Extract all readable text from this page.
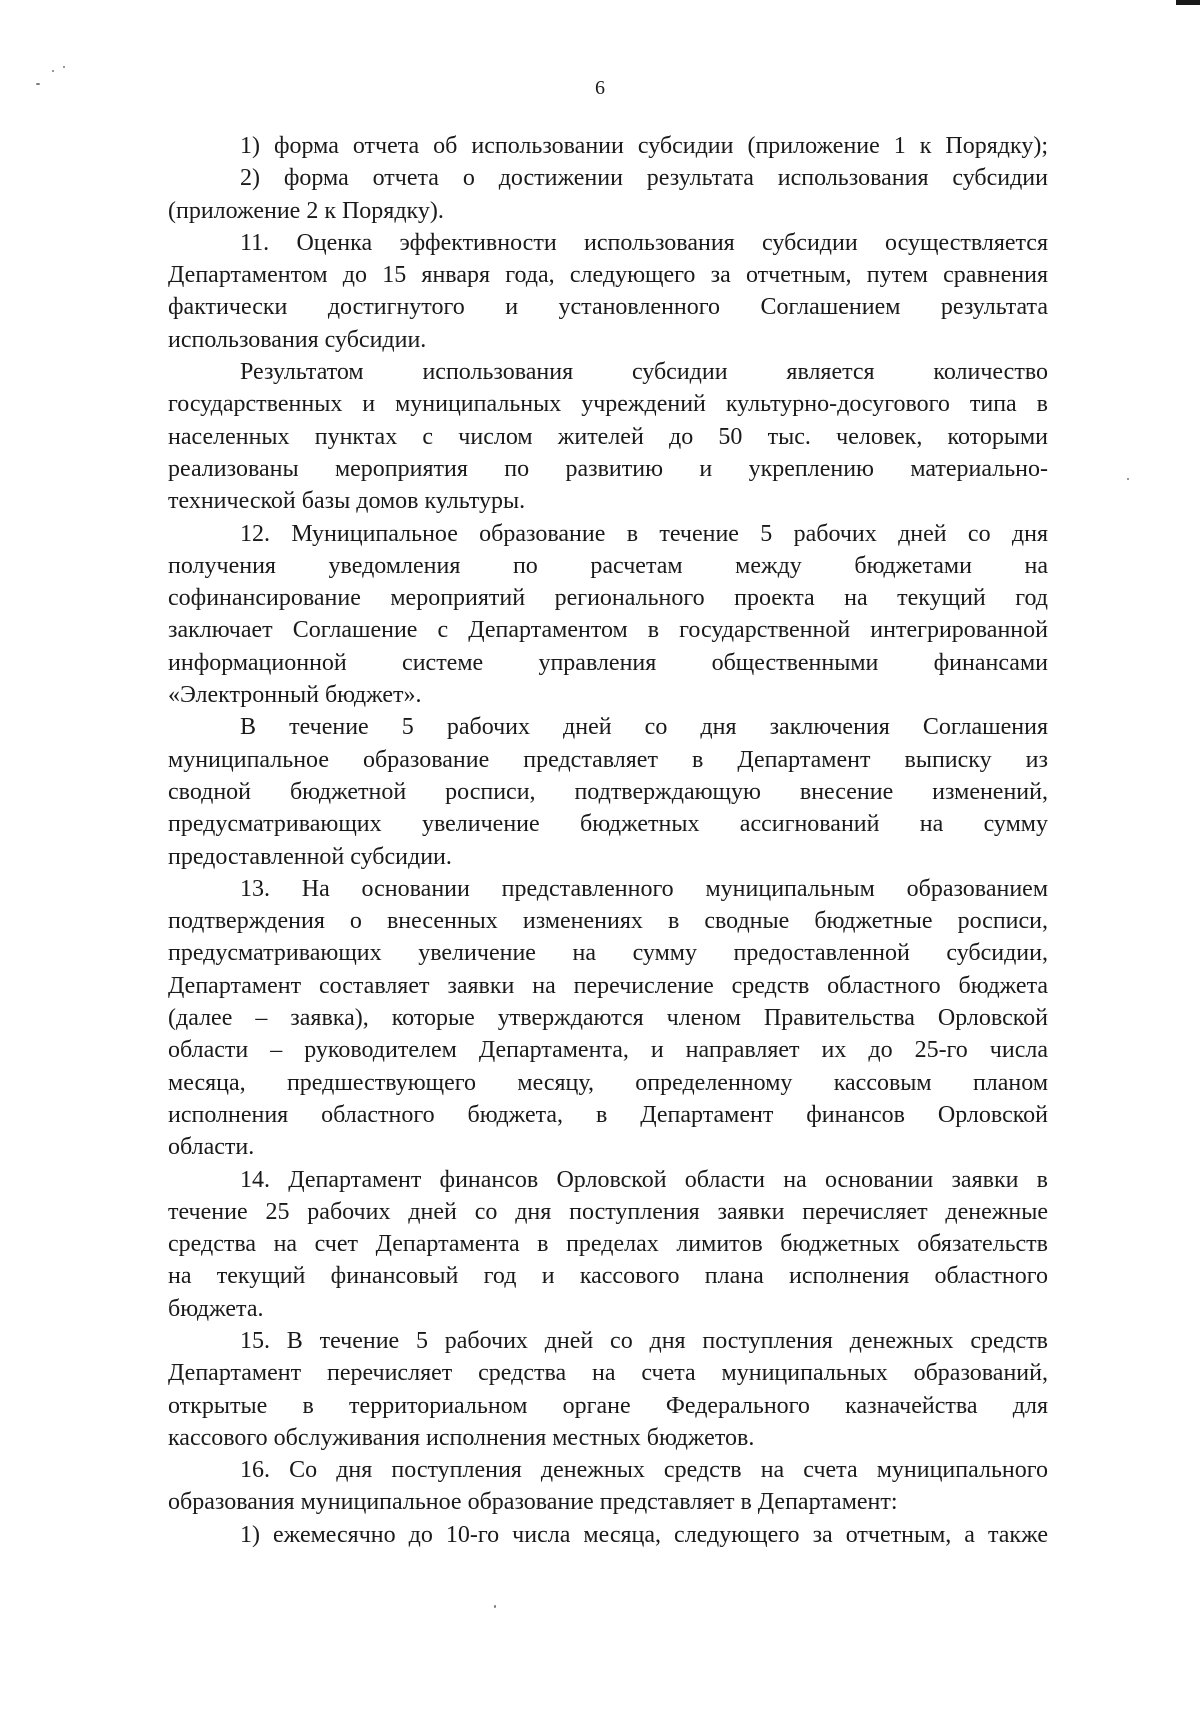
6
1) форма отчета об использовании субсидии (приложение 1 к Порядку);
2) форма отчета о достижении результата использования субсидии
(приложение 2 к Порядку).
11. Оценка эффективности использования субсидии осуществляется
Департаментом до 15 января года, следующего за отчетным, путем сравнения
фактически достигнутого и установленного Соглашением результата
использования субсидии.
Результатом использования субсидии является количество
государственных и муниципальных учреждений культурно-досугового типа в
населенных пунктах с числом жителей до 50 тыс. человек, которыми
реализованы мероприятия по развитию и укреплению материально-
технической базы домов культуры.
12. Муниципальное образование в течение 5 рабочих дней со дня
получения уведомления по расчетам между бюджетами на
софинансирование мероприятий регионального проекта на текущий год
заключает Соглашение с Департаментом в государственной интегрированной
информационной системе управления общественными финансами
«Электронный бюджет».
В течение 5 рабочих дней со дня заключения Соглашения
муниципальное образование представляет в Департамент выписку из
сводной бюджетной росписи, подтверждающую внесение изменений,
предусматривающих увеличение бюджетных ассигнований на сумму
предоставленной субсидии.
13. На основании представленного муниципальным образованием
подтверждения о внесенных изменениях в сводные бюджетные росписи,
предусматривающих увеличение на сумму предоставленной субсидии,
Департамент составляет заявки на перечисление средств областного бюджета
(далее – заявка), которые утверждаются членом Правительства Орловской
области – руководителем Департамента, и направляет их до 25-го числа
месяца, предшествующего месяцу, определенному кассовым планом
исполнения областного бюджета, в Департамент финансов Орловской
области.
14. Департамент финансов Орловской области на основании заявки в
течение 25 рабочих дней со дня поступления заявки перечисляет денежные
средства на счет Департамента в пределах лимитов бюджетных обязательств
на текущий финансовый год и кассового плана исполнения областного
бюджета.
15. В течение 5 рабочих дней со дня поступления денежных средств
Департамент перечисляет средства на счета муниципальных образований,
открытые в территориальном органе Федерального казначейства для
кассового обслуживания исполнения местных бюджетов.
16. Со дня поступления денежных средств на счета муниципального
образования муниципальное образование представляет в Департамент:
1) ежемесячно до 10-го числа месяца, следующего за отчетным, а также
